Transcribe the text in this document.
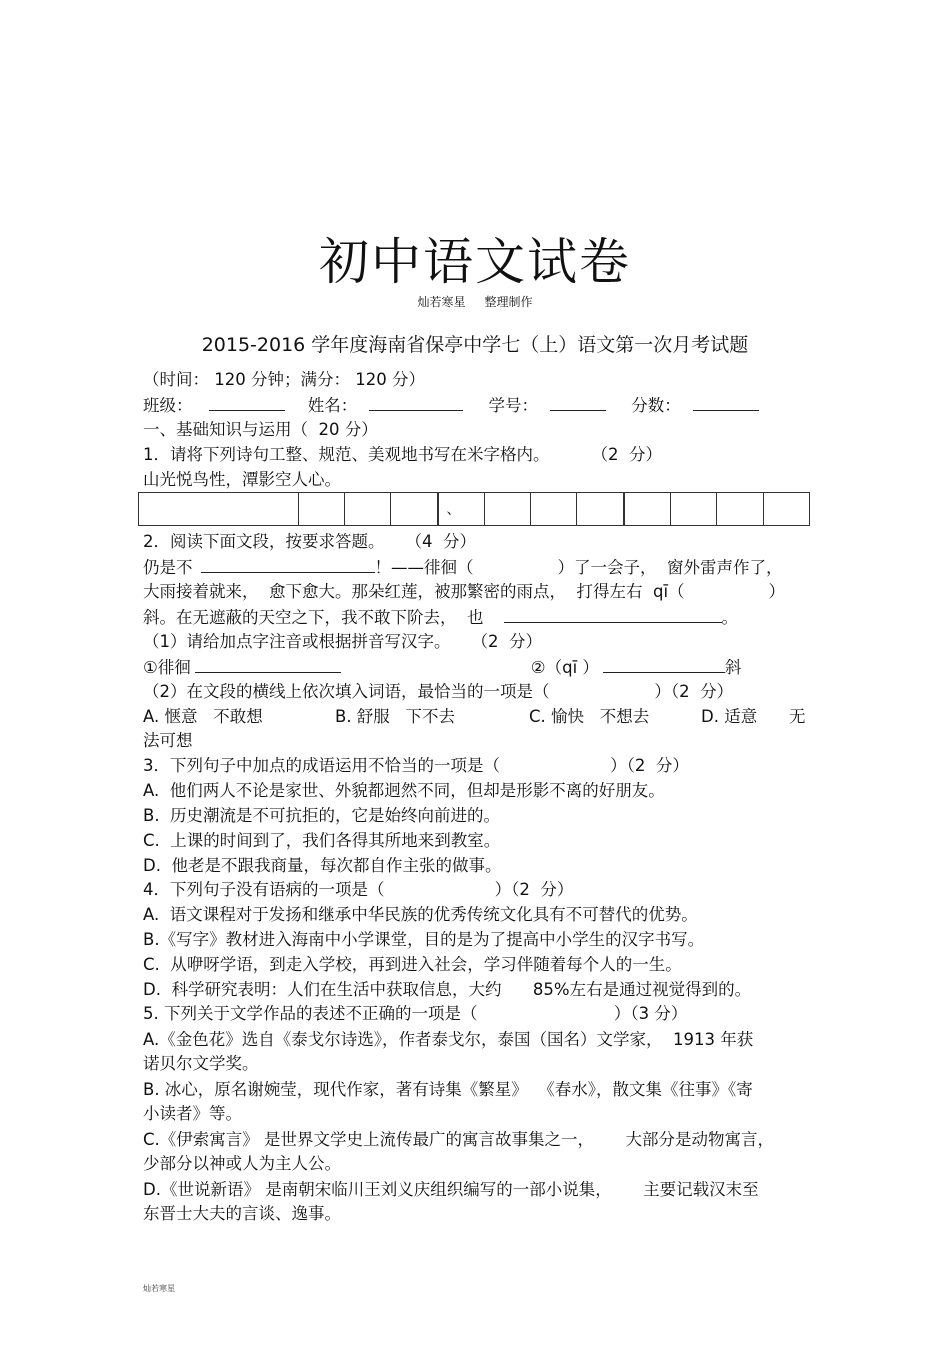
初中语文试卷
灿若寒星     整理制作
2015-2016 学年度海南省保亭中学七（上）语文第一次月考试题
（时间： 120 分钟；满分： 120 分）
班级：	姓名：	学号：	分数：
一、基础知识与运用（  20 分）
1．请将下列诗句工整、规范、美观地书写在米字格内。        （2  分）
山光悦鸟性，潭影空人心。
、
2．阅读下面文段，按要求答题。    （4  分）
仍是不	！——徘徊（	）了一会子，  窗外雷声作了，
大雨接着就来，  愈下愈大。那朵红莲，被那繁密的雨点，  打得左右  qī（                ）
斜。在无遮蔽的天空之下，我不敢下阶去，  也	。
（1）请给加点字注音或根据拼音写汉字。    （2  分）
①徘徊	②（qī ）	斜
（2）在文段的横线上依次填入词语，最恰当的一项是（                    ）（2  分）
A. 惬意   不敢想	B. 舒服   下不去	C. 愉快   不想去	D. 适意 无
法可想
3．下列句子中加点的成语运用不恰当的一项是（                     ）（2  分）
A.  他们两人不论是家世、外貌都迥然不同，但却是形影不离的好朋友。
B.  历史潮流是不可抗拒的，它是始终向前进的。
C.  上课的时间到了，我们各得其所地来到教室。
D.  他老是不跟我商量，每次都自作主张的做事。
4．下列句子没有语病的一项是（                     ）（2  分）
A.  语文课程对于发扬和继承中华民族的优秀传统文化具有不可替代的优势。
B.《写字》教材进入海南中小学课堂，目的是为了提高中小学生的汉字书写。
C.  从咿呀学语，到走入学校，再到进入社会，学习伴随着每个人的一生。
D.  科学研究表明：人们在生活中获取信息，大约      85%左右是通过视觉得到的。
5. 下列关于文学作品的表述不正确的一项是（                          ）（3 分）
A.《金色花》选自《泰戈尔诗选》，作者泰戈尔，泰国（国名）文学家，  1913 年获
诺贝尔文学奖。
B. 冰心，原名谢婉莹，现代作家，著有诗集《繁星》  《春水》，散文集《往事》《寄
小读者》等。
C.《伊索寓言》 是世界文学史上流传最广的寓言故事集之一，      大部分是动物寓言，
少部分以神或人为主人公。
D.《世说新语》 是南朝宋临川王刘义庆组织编写的一部小说集，      主要记载汉末至
东晋士大夫的言谈、逸事。
灿若寒星
